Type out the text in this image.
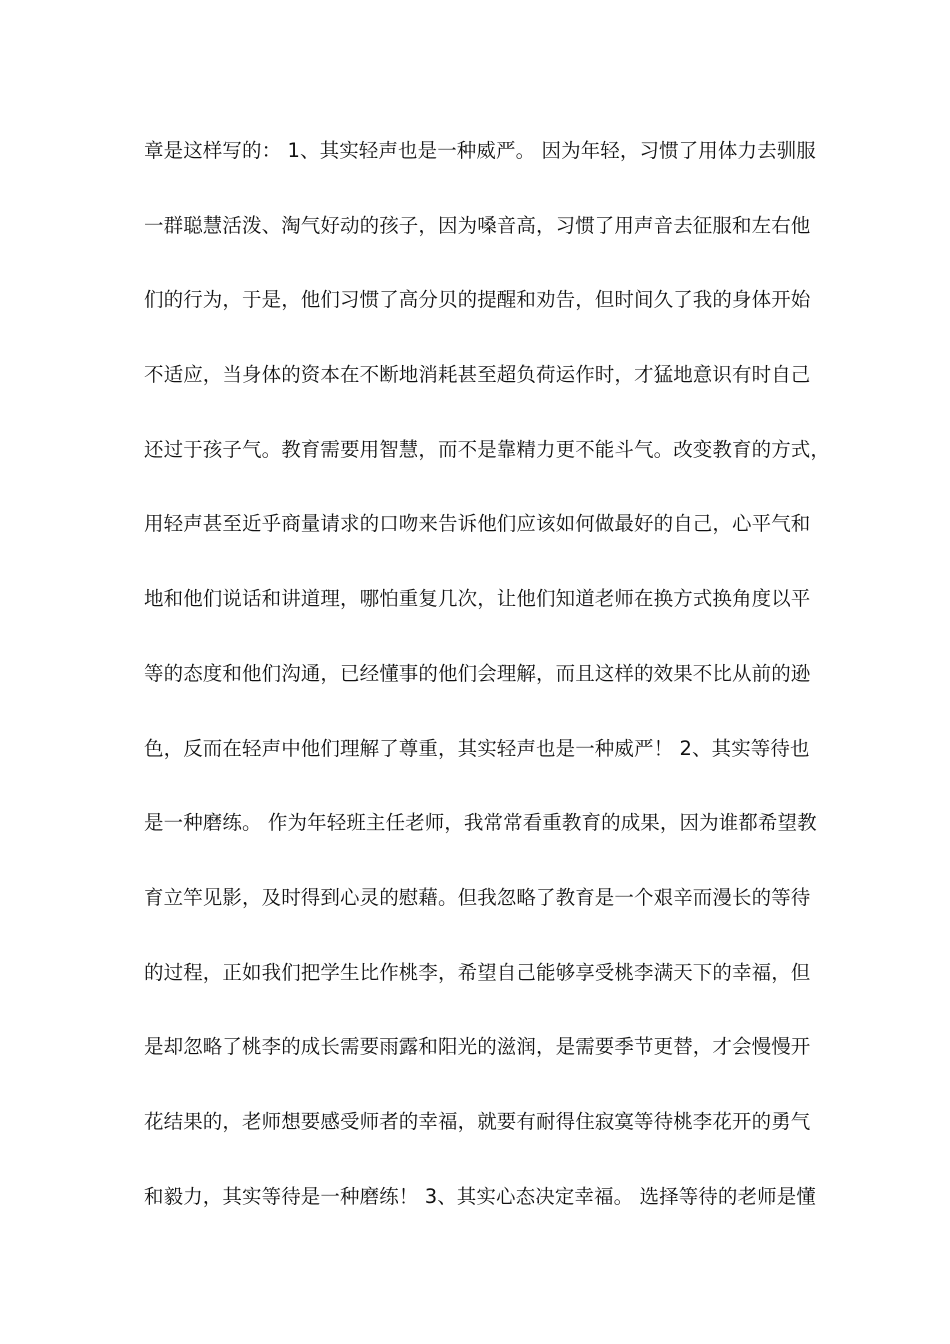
章是这样写的： 1、其实轻声也是一种威严。 因为年轻，习惯了用体力去驯服
一群聪慧活泼、淘气好动的孩子，因为嗓音高，习惯了用声音去征服和左右他
们的行为，于是，他们习惯了高分贝的提醒和劝告，但时间久了我的身体开始
不适应，当身体的资本在不断地消耗甚至超负荷运作时，才猛地意识有时自己
还过于孩子气。教育需要用智慧，而不是靠精力更不能斗气。改变教育的方式，
用轻声甚至近乎商量请求的口吻来告诉他们应该如何做最好的自己，心平气和
地和他们说话和讲道理，哪怕重复几次，让他们知道老师在换方式换角度以平
等的态度和他们沟通，已经懂事的他们会理解，而且这样的效果不比从前的逊
色，反而在轻声中他们理解了尊重，其实轻声也是一种威严！ 2、其实等待也
是一种磨练。 作为年轻班主任老师，我常常看重教育的成果，因为谁都希望教
育立竿见影，及时得到心灵的慰藉。但我忽略了教育是一个艰辛而漫长的等待
的过程，正如我们把学生比作桃李，希望自己能够享受桃李满天下的幸福，但
是却忽略了桃李的成长需要雨露和阳光的滋润，是需要季节更替，才会慢慢开
花结果的，老师想要感受师者的幸福，就要有耐得住寂寞等待桃李花开的勇气
和毅力，其实等待是一种磨练！ 3、其实心态决定幸福。 选择等待的老师是懂
